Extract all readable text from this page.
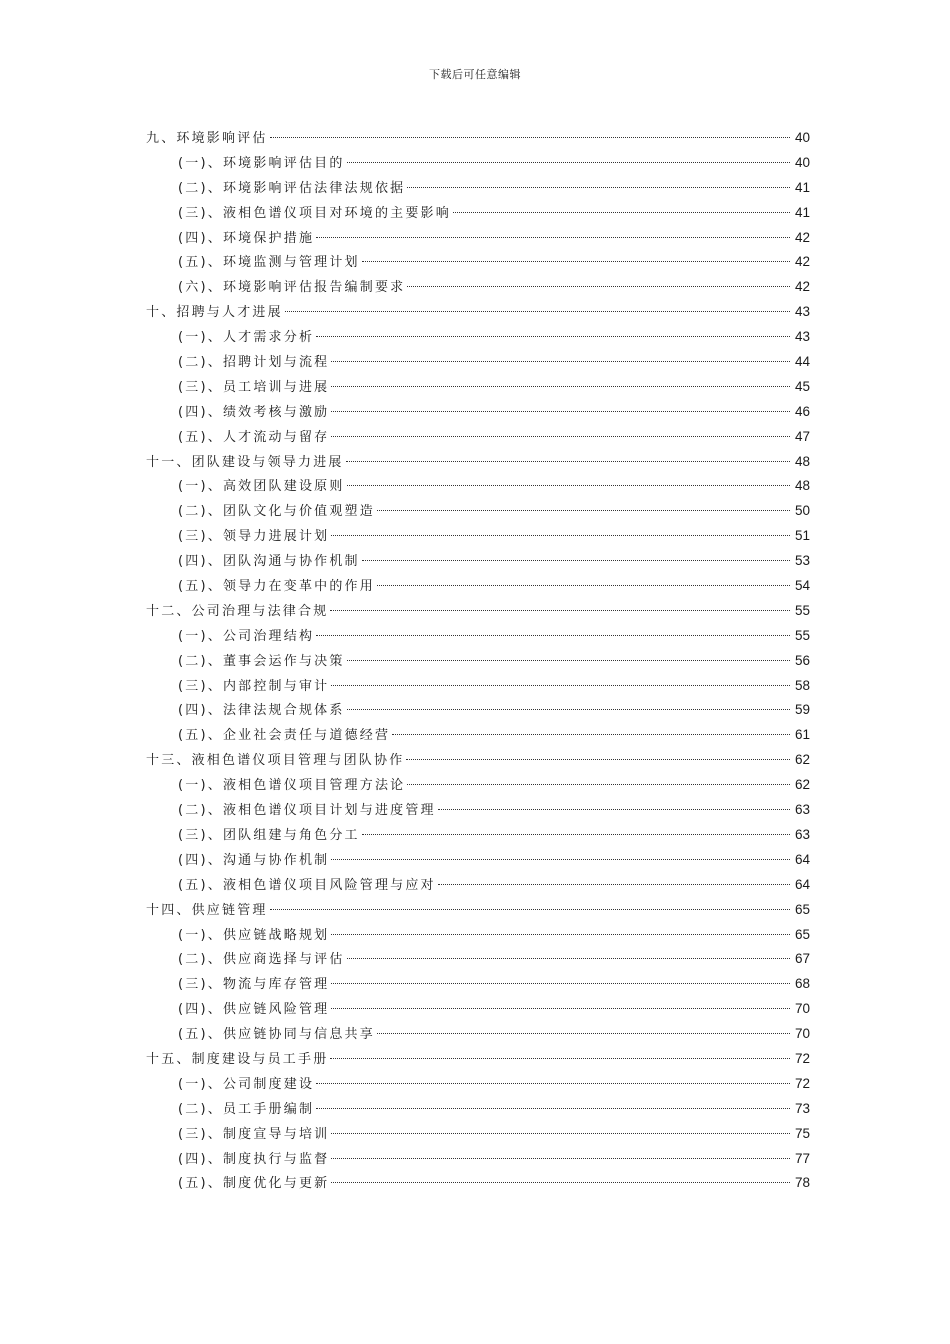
下载后可任意编辑
九、环境影响评估	40
(一)、环境影响评估目的	40
(二)、环境影响评估法律法规依据	41
(三)、液相色谱仪项目对环境的主要影响	41
(四)、环境保护措施	42
(五)、环境监测与管理计划	42
(六)、环境影响评估报告编制要求	42
十、招聘与人才进展	43
(一)、人才需求分析	43
(二)、招聘计划与流程	44
(三)、员工培训与进展	45
(四)、绩效考核与激励	46
(五)、人才流动与留存	47
十一、团队建设与领导力进展	48
(一)、高效团队建设原则	48
(二)、团队文化与价值观塑造	50
(三)、领导力进展计划	51
(四)、团队沟通与协作机制	53
(五)、领导力在变革中的作用	54
十二、公司治理与法律合规	55
(一)、公司治理结构	55
(二)、董事会运作与决策	56
(三)、内部控制与审计	58
(四)、法律法规合规体系	59
(五)、企业社会责任与道德经营	61
十三、液相色谱仪项目管理与团队协作	62
(一)、液相色谱仪项目管理方法论	62
(二)、液相色谱仪项目计划与进度管理	63
(三)、团队组建与角色分工	63
(四)、沟通与协作机制	64
(五)、液相色谱仪项目风险管理与应对	64
十四、供应链管理	65
(一)、供应链战略规划	65
(二)、供应商选择与评估	67
(三)、物流与库存管理	68
(四)、供应链风险管理	70
(五)、供应链协同与信息共享	70
十五、制度建设与员工手册	72
(一)、公司制度建设	72
(二)、员工手册编制	73
(三)、制度宣导与培训	75
(四)、制度执行与监督	77
(五)、制度优化与更新	78
